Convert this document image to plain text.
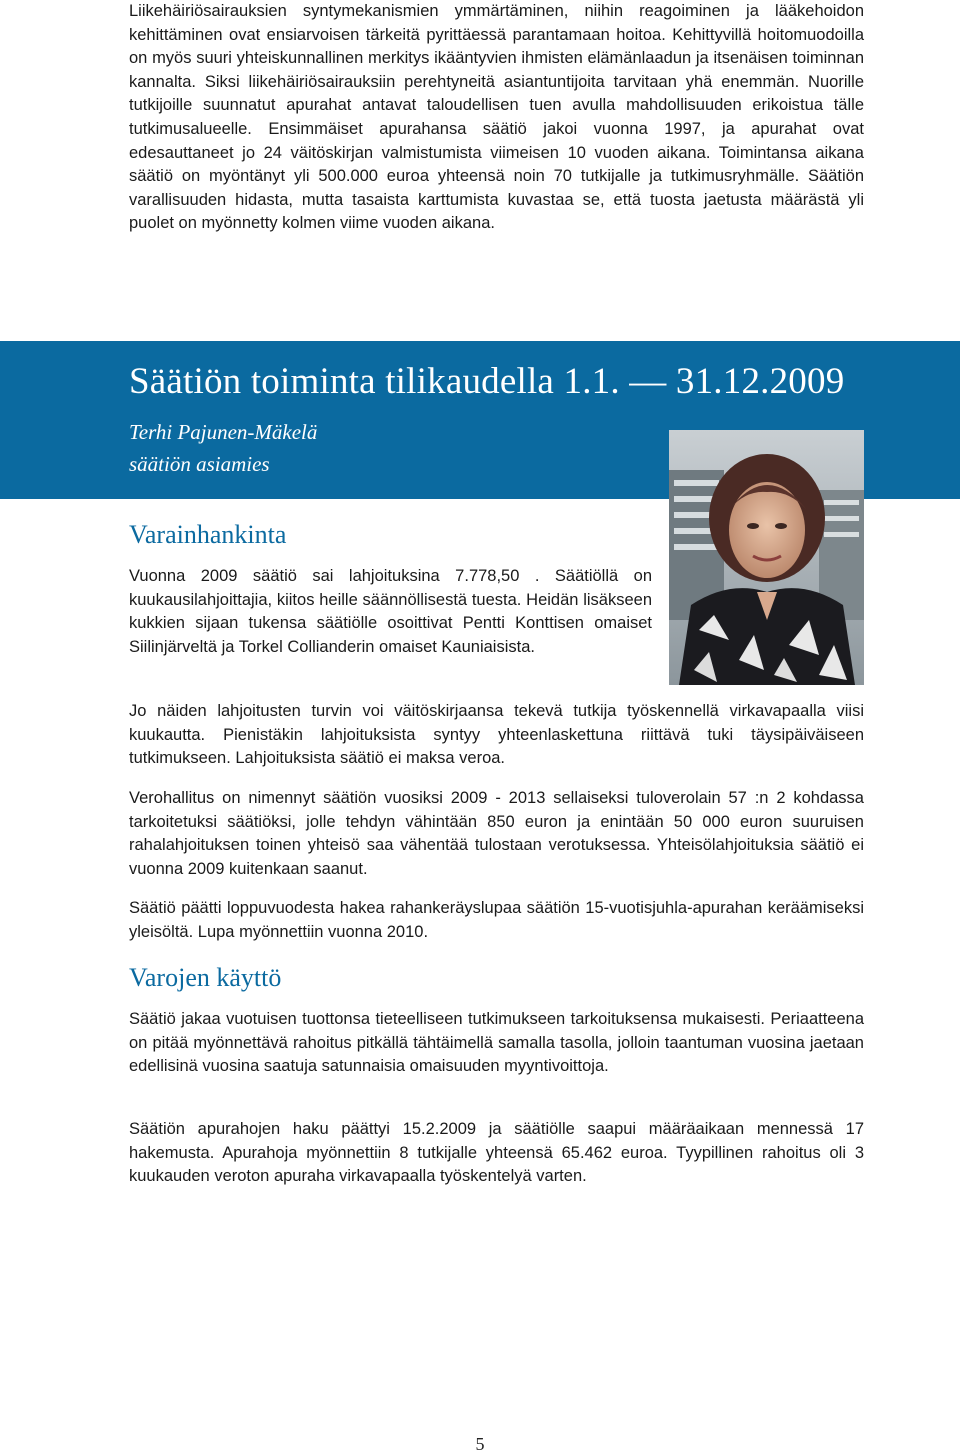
Liikehäiriösairauksien syntymekanismien ymmärtäminen, niihin reagoiminen ja lääkehoidon kehittäminen ovat ensiarvoisen tärkeitä pyrittäessä parantamaan hoitoa. Kehittyvillä hoitomuodoilla on myös suuri yhteiskunnallinen merkitys ikääntyvien ihmisten elämänlaadun ja itsenäisen toiminnan kannalta. Siksi liikehäiriösairauksiin perehtyneitä asiantuntijoita tarvitaan yhä enemmän. Nuorille tutkijoille suunnatut apurahat antavat taloudellisen tuen avulla mahdollisuuden erikoistua tälle tutkimusalueelle. Ensimmäiset apurahansa säätiö jakoi vuonna 1997, ja apurahat ovat edesauttaneet jo 24 väitöskirjan valmistumista viimeisen 10 vuoden aikana. Toimintansa aikana säätiö on myöntänyt yli 500.000 euroa yhteensä noin 70 tutkijalle ja tutkimusryhmälle. Säätiön varallisuuden hidasta, mutta tasaista karttumista kuvastaa se, että tuosta jaetusta määrästä yli puolet on myönnetty kolmen viime vuoden aikana.

Säätiön toiminta tilikaudella 1.1. — 31.12.2009

Terhi Pajunen-Mäkelä

säätiön asiamies

Varainhankinta

Vuonna 2009 säätiö sai lahjoituksina 7.778,50 . Säätiöllä on kuukausilahjoittajia, kiitos heille säännöllisestä tuesta. Heidän lisäkseen kukkien sijaan tukensa säätiölle osoittivat Pentti Konttisen omaiset Siilinjärveltä ja Torkel Collianderin omaiset Kauniaisista.

Jo näiden lahjoitusten turvin voi väitöskirjaansa tekevä tutkija työskennellä virkavapaalla viisi kuukautta. Pienistäkin lahjoituksista syntyy yhteenlaskettuna riittävä tuki täysipäiväiseen tutkimukseen. Lahjoituksista säätiö ei maksa veroa.

Verohallitus on nimennyt säätiön vuosiksi 2009 - 2013 sellaiseksi tuloverolain 57 :n 2 kohdassa tarkoitetuksi säätiöksi, jolle tehdyn vähintään 850 euron ja enintään 50 000 euron suuruisen rahalahjoituksen toinen yhteisö saa vähentää tulostaan verotuksessa. Yhteisölahjoituksia säätiö ei vuonna 2009 kuitenkaan saanut.

Säätiö päätti loppuvuodesta hakea rahankeräyslupaa säätiön 15-vuotisjuhla-apurahan keräämiseksi yleisöltä. Lupa myönnettiin vuonna 2010.

Varojen käyttö

Säätiö jakaa vuotuisen tuottonsa tieteelliseen tutkimukseen tarkoituksensa mukaisesti. Periaatteena on pitää myönnettävä rahoitus pitkällä tähtäimellä samalla tasolla, jolloin taantuman vuosina jaetaan edellisinä vuosina saatuja satunnaisia omaisuuden myyntivoittoja.

Säätiön apurahojen haku päättyi 15.2.2009 ja säätiölle saapui määräaikaan mennessä 17 hakemusta. Apurahoja myönnettiin 8 tutkijalle yhteensä 65.462 euroa. Tyypillinen rahoitus oli 3 kuukauden veroton apuraha virkavapaalla työskentelyä varten.

5
